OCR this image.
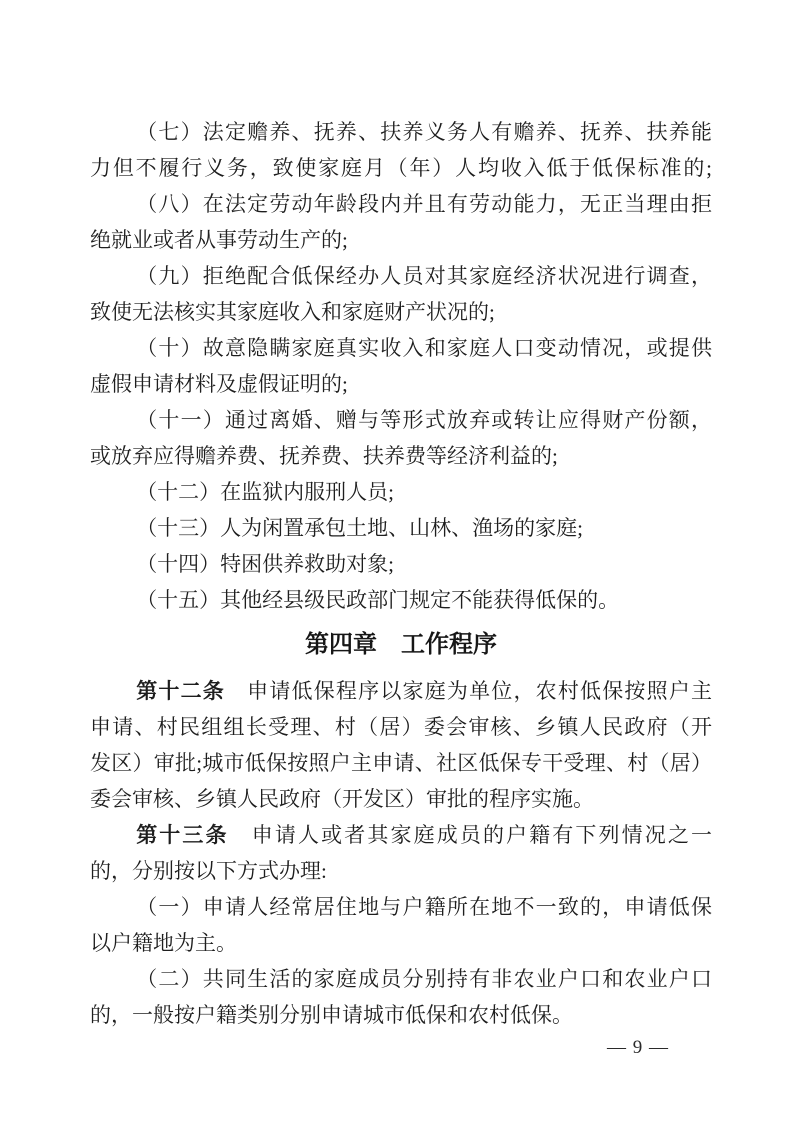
（七）法定赡养、抚养、扶养义务人有赡养、抚养、扶养能
力但不履行义务，致使家庭月（年）人均收入低于低保标准的;
（八）在法定劳动年龄段内并且有劳动能力，无正当理由拒
绝就业或者从事劳动生产的;
（九）拒绝配合低保经办人员对其家庭经济状况进行调查，
致使无法核实其家庭收入和家庭财产状况的;
（十）故意隐瞒家庭真实收入和家庭人口变动情况，或提供
虚假申请材料及虚假证明的;
（十一）通过离婚、赠与等形式放弃或转让应得财产份额，
或放弃应得赡养费、抚养费、扶养费等经济利益的;
（十二）在监狱内服刑人员;
（十三）人为闲置承包土地、山林、渔场的家庭;
（十四）特困供养救助对象;
（十五）其他经县级民政部门规定不能获得低保的。
第四章　工作程序
第十二条　申请低保程序以家庭为单位，农村低保按照户主
申请、村民组组长受理、村（居）委会审核、乡镇人民政府（开
发区）审批;城市低保按照户主申请、社区低保专干受理、村（居）
委会审核、乡镇人民政府（开发区）审批的程序实施。
第十三条　申请人或者其家庭成员的户籍有下列情况之一
的，分别按以下方式办理:
（一）申请人经常居住地与户籍所在地不一致的，申请低保
以户籍地为主。
（二）共同生活的家庭成员分别持有非农业户口和农业户口
的，一般按户籍类别分别申请城市低保和农村低保。
— 9 —
